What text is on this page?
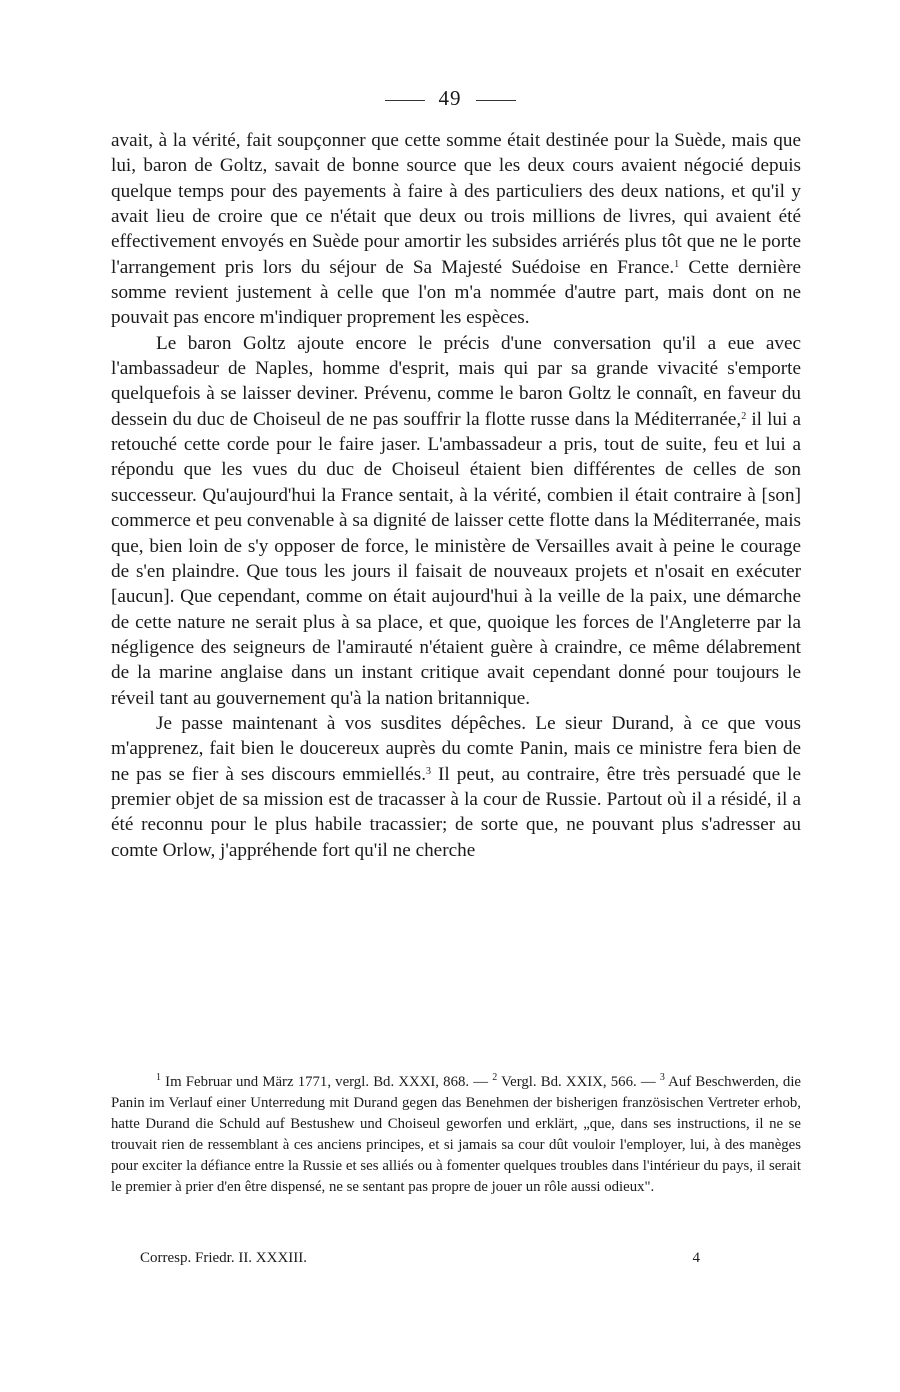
49

avait, à la vérité, fait soupçonner que cette somme était destinée pour la Suède, mais que lui, baron de Goltz, savait de bonne source que les deux cours avaient négocié depuis quelque temps pour des payements à faire à des particuliers des deux nations, et qu'il y avait lieu de croire que ce n'était que deux ou trois millions de livres, qui avaient été effectivement envoyés en Suède pour amortir les subsides arriérés plus tôt que ne le porte l'arrangement pris lors du séjour de Sa Majesté Suédoise en France.$^1$ Cette dernière somme revient justement à celle que l'on m'a nommée d'autre part, mais dont on ne pouvait pas encore m'indiquer proprement les espèces.

Le baron Goltz ajoute encore le précis d'une conversation qu'il a eue avec l'ambassadeur de Naples, homme d'esprit, mais qui par sa grande vivacité s'emporte quelquefois à se laisser deviner. Prévenu, comme le baron Goltz le connaît, en faveur du dessein du duc de Choiseul de ne pas souffrir la flotte russe dans la Méditerranée,$^2$ il lui a retouché cette corde pour le faire jaser. L'ambassadeur a pris, tout de suite, feu et lui a répondu que les vues du duc de Choiseul étaient bien différentes de celles de son successeur. Qu'aujourd'hui la France sentait, à la vérité, combien il était contraire à [son] commerce et peu convenable à sa dignité de laisser cette flotte dans la Méditerranée, mais que, bien loin de s'y opposer de force, le ministère de Versailles avait à peine le courage de s'en plaindre. Que tous les jours il faisait de nouveaux projets et n'osait en exécuter [aucun]. Que cependant, comme on était aujourd'hui à la veille de la paix, une démarche de cette nature ne serait plus à sa place, et que, quoique les forces de l'Angleterre par la négligence des seigneurs de l'amirauté n'étaient guère à craindre, ce même délabrement de la marine anglaise dans un instant critique avait cependant donné pour toujours le réveil tant au gouvernement qu'à la nation britannique.

Je passe maintenant à vos susdites dépêches. Le sieur Durand, à ce que vous m'apprenez, fait bien le doucereux auprès du comte Panin, mais ce ministre fera bien de ne pas se fier à ses discours emmiellés.$^3$ Il peut, au contraire, être très persuadé que le premier objet de sa mission est de tracasser à la cour de Russie. Partout où il a résidé, il a été reconnu pour le plus habile tracassier; de sorte que, ne pouvant plus s'adresser au comte Orlow, j'appréhende fort qu'il ne cherche

$^1$ Im Februar und März 1771, vergl. Bd. XXXI, 868. — $^2$ Vergl. Bd. XXIX, 566. — $^3$ Auf Beschwerden, die Panin im Verlauf einer Unterredung mit Durand gegen das Benehmen der bisherigen französischen Vertreter erhob, hatte Durand die Schuld auf Bestushew und Choiseul geworfen und erklärt, „que, dans ses instructions, il ne se trouvait rien de ressemblant à ces anciens principes, et si jamais sa cour dût vouloir l'employer, lui, à des manèges pour exciter la défiance entre la Russie et ses alliés ou à fomenter quelques troubles dans l'intérieur du pays, il serait le premier à prier d'en être dispensé, ne se sentant pas propre de jouer un rôle aussi odieux".

Corresp. Friedr. II. XXXIII.	4
